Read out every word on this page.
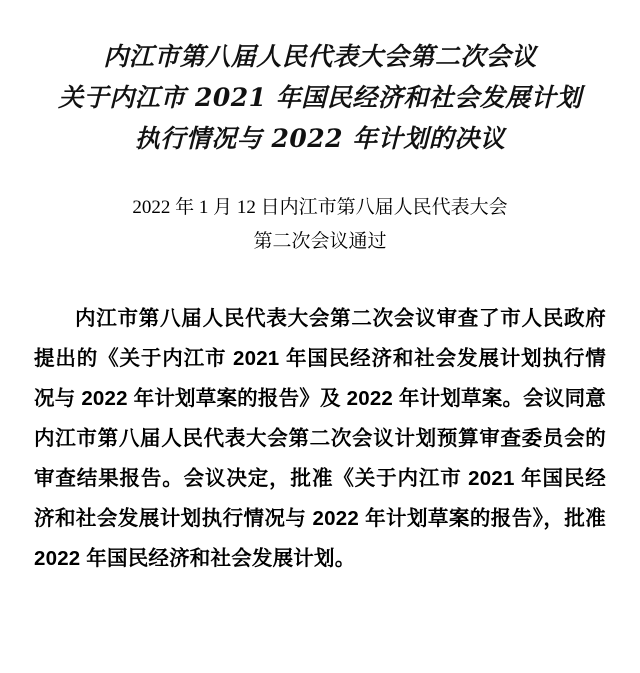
内江市第八届人民代表大会第二次会议
关于内江市 2021 年国民经济和社会发展计划
执行情况与 2022 年计划的决议
2022 年 1 月 12 日内江市第八届人民代表大会
第二次会议通过

内江市第八届人民代表大会第二次会议审查了市人民政府提出的《关于内江市 2021 年国民经济和社会发展计划执行情况与 2022 年计划草案的报告》及 2022 年计划草案。会议同意内江市第八届人民代表大会第二次会议计划预算审查委员会的审查结果报告。会议决定，批准《关于内江市 2021 年国民经济和社会发展计划执行情况与 2022 年计划草案的报告》，批准 2022 年国民经济和社会发展计划。
